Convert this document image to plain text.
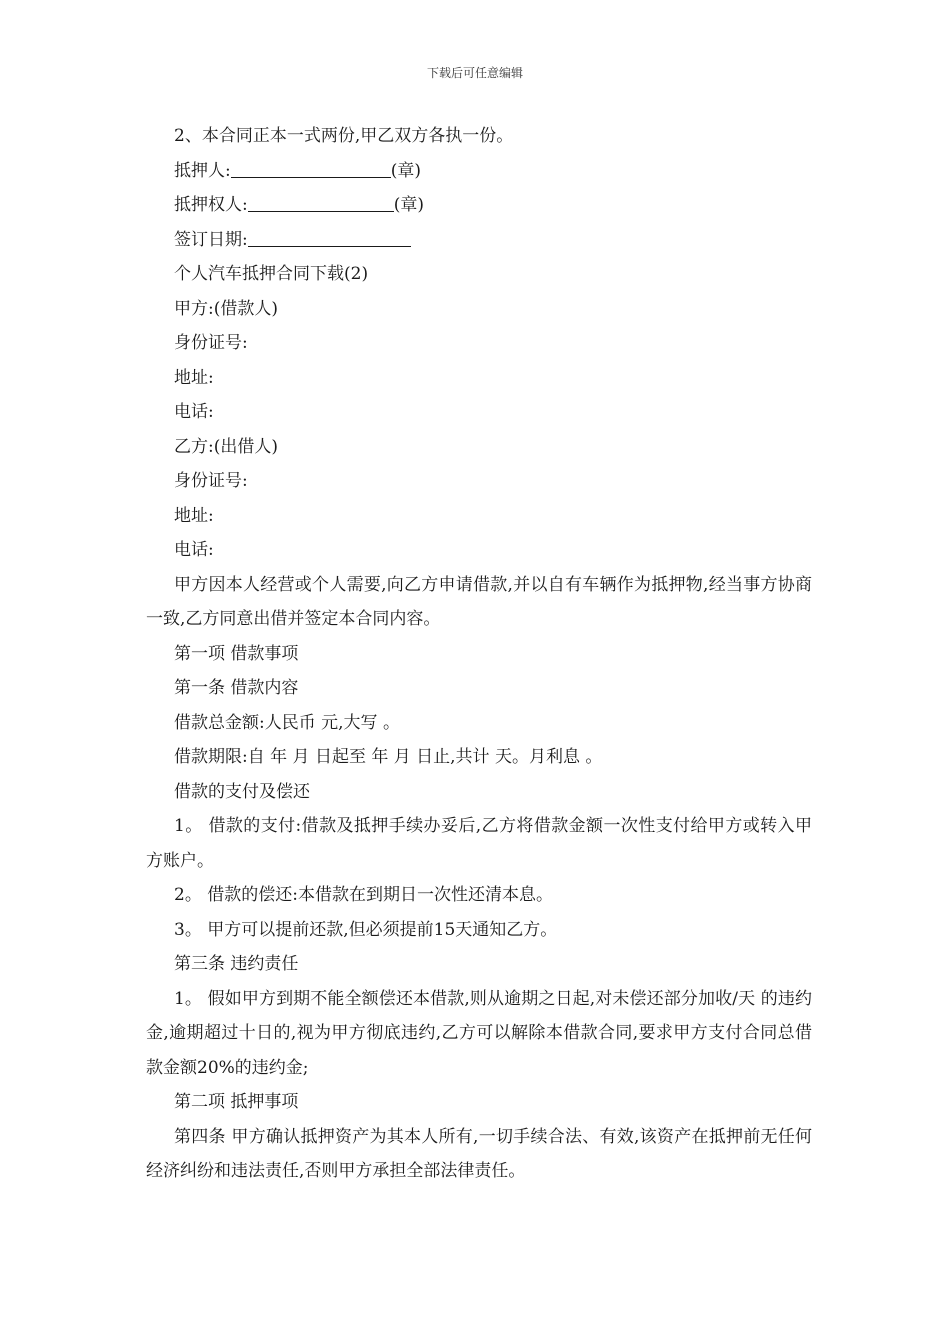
下载后可任意编辑
2、本合同正本一式两份,甲乙双方各执一份。
抵押人:	(章)
抵押权人:	(章)
签订日期:
个人汽车抵押合同下载(2)
甲方:(借款人)
身份证号:
地址:
电话:
乙方:(出借人)
身份证号:
地址:
电话:
甲方因本人经营或个人需要,向乙方申请借款,并以自有车辆作为抵押物,经当事方协商一致,乙方同意出借并签定本合同内容。
第一项 借款事项
第一条 借款内容
借款总金额:人民币 元,大写 。
借款期限:自 年 月 日起至 年 月 日止,共计 天。月利息 。
借款的支付及偿还
1。 借款的支付:借款及抵押手续办妥后,乙方将借款金额一次性支付给甲方或转入甲方账户。
2。 借款的偿还:本借款在到期日一次性还清本息。
3。 甲方可以提前还款,但必须提前15天通知乙方。
第三条 违约责任
1。 假如甲方到期不能全额偿还本借款,则从逾期之日起,对未偿还部分加收/天 的违约金,逾期超过十日的,视为甲方彻底违约,乙方可以解除本借款合同,要求甲方支付合同总借款金额20%的违约金;
第二项 抵押事项
第四条 甲方确认抵押资产为其本人所有,一切手续合法、有效,该资产在抵押前无任何经济纠纷和违法责任,否则甲方承担全部法律责任。
